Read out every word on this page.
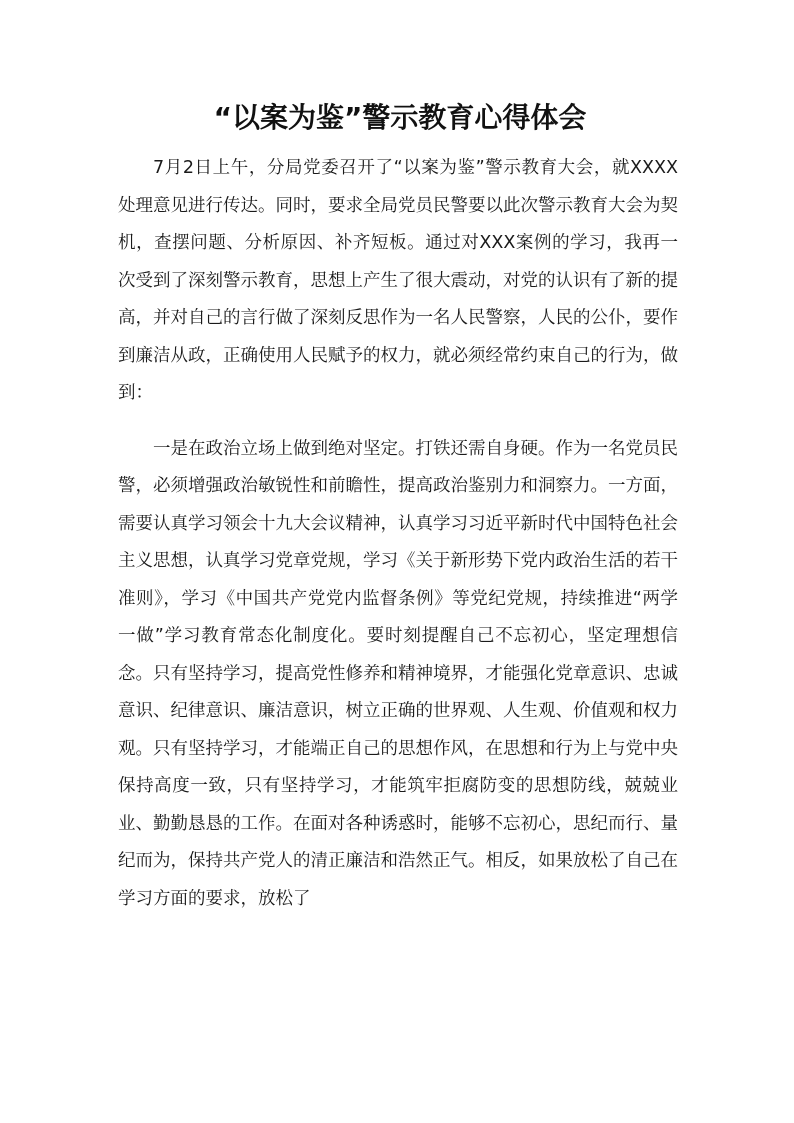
“以案为鉴”警示教育心得体会

7月2日上午，分局党委召开了“以案为鉴”警示教育大会，就XXXX处理意见进行传达。同时，要求全局党员民警要以此次警示教育大会为契机，查摆问题、分析原因、补齐短板。通过对XXX案例的学习，我再一次受到了深刻警示教育，思想上产生了很大震动，对党的认识有了新的提高，并对自己的言行做了深刻反思作为一名人民警察，人民的公仆，要作到廉洁从政，正确使用人民赋予的权力，就必须经常约束自己的行为，做到：

一是在政治立场上做到绝对坚定。打铁还需自身硬。作为一名党员民警，必须增强政治敏锐性和前瞻性，提高政治鉴别力和洞察力。一方面，需要认真学习领会十九大会议精神，认真学习习近平新时代中国特色社会主义思想，认真学习党章党规，学习《关于新形势下党内政治生活的若干准则》，学习《中国共产党党内监督条例》等党纪党规，持续推进“两学一做”学习教育常态化制度化。要时刻提醒自己不忘初心，坚定理想信念。只有坚持学习，提高党性修养和精神境界，才能强化党章意识、忠诚意识、纪律意识、廉洁意识，树立正确的世界观、人生观、价值观和权力观。只有坚持学习，才能端正自己的思想作风，在思想和行为上与党中央保持高度一致，只有坚持学习，才能筑牢拒腐防变的思想防线，兢兢业业、勤勤恳恳的工作。在面对各种诱惑时，能够不忘初心，思纪而行、量纪而为，保持共产党人的清正廉洁和浩然正气。相反，如果放松了自己在学习方面的要求，放松了
